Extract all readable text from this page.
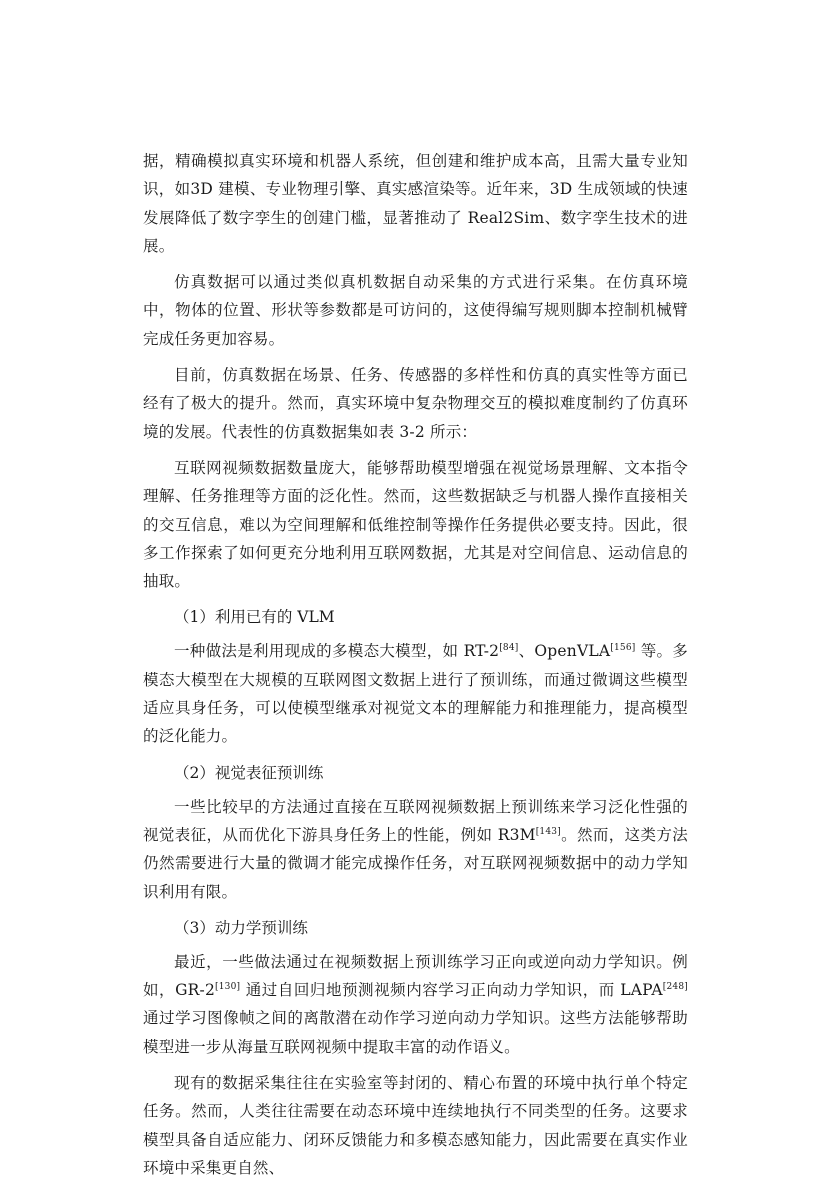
据，精确模拟真实环境和机器人系统，但创建和维护成本高，且需大量专业知识，如3D 建模、专业物理引擎、真实感渲染等。近年来，3D 生成领域的快速发展降低了数字孪生的创建门槛，显著推动了 Real2Sim、数字孪生技术的进展。

仿真数据可以通过类似真机数据自动采集的方式进行采集。在仿真环境中，物体的位置、形状等参数都是可访问的，这使得编写规则脚本控制机械臂完成任务更加容易。

目前，仿真数据在场景、任务、传感器的多样性和仿真的真实性等方面已经有了极大的提升。然而，真实环境中复杂物理交互的模拟难度制约了仿真环境的发展。代表性的仿真数据集如表 3-2 所示：

互联网视频数据数量庞大，能够帮助模型增强在视觉场景理解、文本指令理解、任务推理等方面的泛化性。然而，这些数据缺乏与机器人操作直接相关的交互信息，难以为空间理解和低维控制等操作任务提供必要支持。因此，很多工作探索了如何更充分地利用互联网数据，尤其是对空间信息、运动信息的抽取。

（1）利用已有的 VLM

一种做法是利用现成的多模态大模型，如 RT-2[84]、OpenVLA[156] 等。多模态大模型在大规模的互联网图文数据上进行了预训练，而通过微调这些模型适应具身任务，可以使模型继承对视觉文本的理解能力和推理能力，提高模型的泛化能力。

（2）视觉表征预训练

一些比较早的方法通过直接在互联网视频数据上预训练来学习泛化性强的视觉表征，从而优化下游具身任务上的性能，例如 R3M[143]。然而，这类方法仍然需要进行大量的微调才能完成操作任务，对互联网视频数据中的动力学知识利用有限。

（3）动力学预训练

最近，一些做法通过在视频数据上预训练学习正向或逆向动力学知识。例如，GR-2[130] 通过自回归地预测视频内容学习正向动力学知识，而 LAPA[248] 通过学习图像帧之间的离散潜在动作学习逆向动力学知识。这些方法能够帮助模型进一步从海量互联网视频中提取丰富的动作语义。

现有的数据采集往往在实验室等封闭的、精心布置的环境中执行单个特定任务。然而，人类往往需要在动态环境中连续地执行不同类型的任务。这要求模型具备自适应能力、闭环反馈能力和多模态感知能力，因此需要在真实作业环境中采集更自然、
